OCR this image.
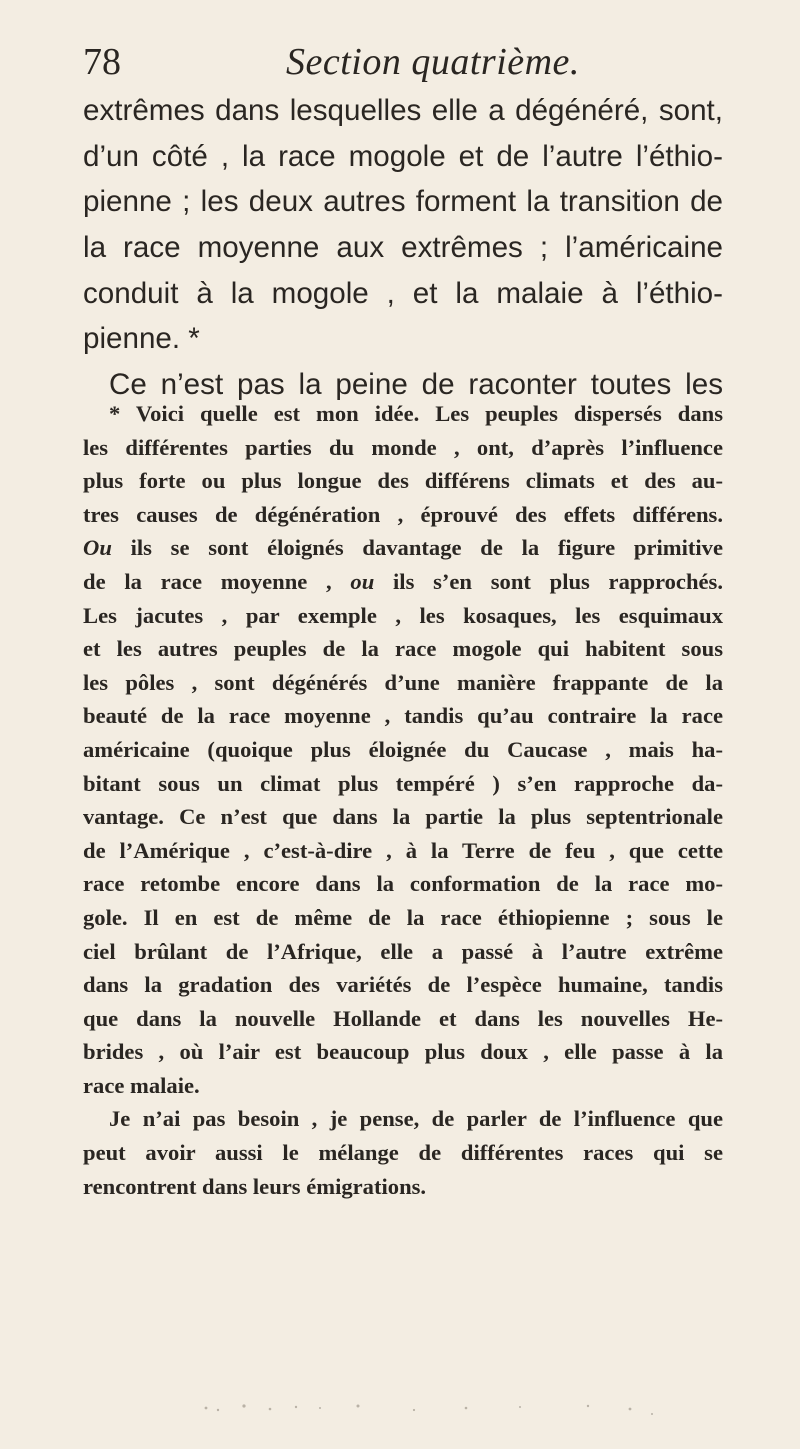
78	Section quatrième.
extrêmes dans lesquelles elle a dégénéré, sont,
d’un côté , la race mogole et de l’autre l’éthio-
pienne ; les deux autres forment la transition de
la race moyenne aux extrêmes ; l’américaine
conduit à la mogole , et la malaie à l’éthio-
pienne. *
Ce n’est pas la peine de raconter toutes les
* Voici quelle est mon idée. Les peuples dispersés dans
les différentes parties du monde , ont, d’après l’influence
plus forte ou plus longue des différens climats et des au-
tres causes de dégénération , éprouvé des effets différens.
Ou ils se sont éloignés davantage de la figure primitive
de la race moyenne , ou ils s’en sont plus rapprochés.
Les jacutes , par exemple , les kosaques, les esquimaux
et les autres peuples de la race mogole qui habitent sous
les pôles , sont dégénérés d’une manière frappante de la
beauté de la race moyenne , tandis qu’au contraire la race
américaine (quoique plus éloignée du Caucase , mais ha-
bitant sous un climat plus tempéré ) s’en rapproche da-
vantage. Ce n’est que dans la partie la plus septentrionale
de l’Amérique , c’est-à-dire , à la Terre de feu , que cette
race retombe encore dans la conformation de la race mo-
gole. Il en est de même de la race éthiopienne ; sous le
ciel brûlant de l’Afrique, elle a passé à l’autre extrême
dans la gradation des variétés de l’espèce humaine, tandis
que dans la nouvelle Hollande et dans les nouvelles He-
brides , où l’air est beaucoup plus doux , elle passe à la
race malaie.
Je n’ai pas besoin , je pense, de parler de l’influence que
peut avoir aussi le mélange de différentes races qui se
rencontrent dans leurs émigrations.
